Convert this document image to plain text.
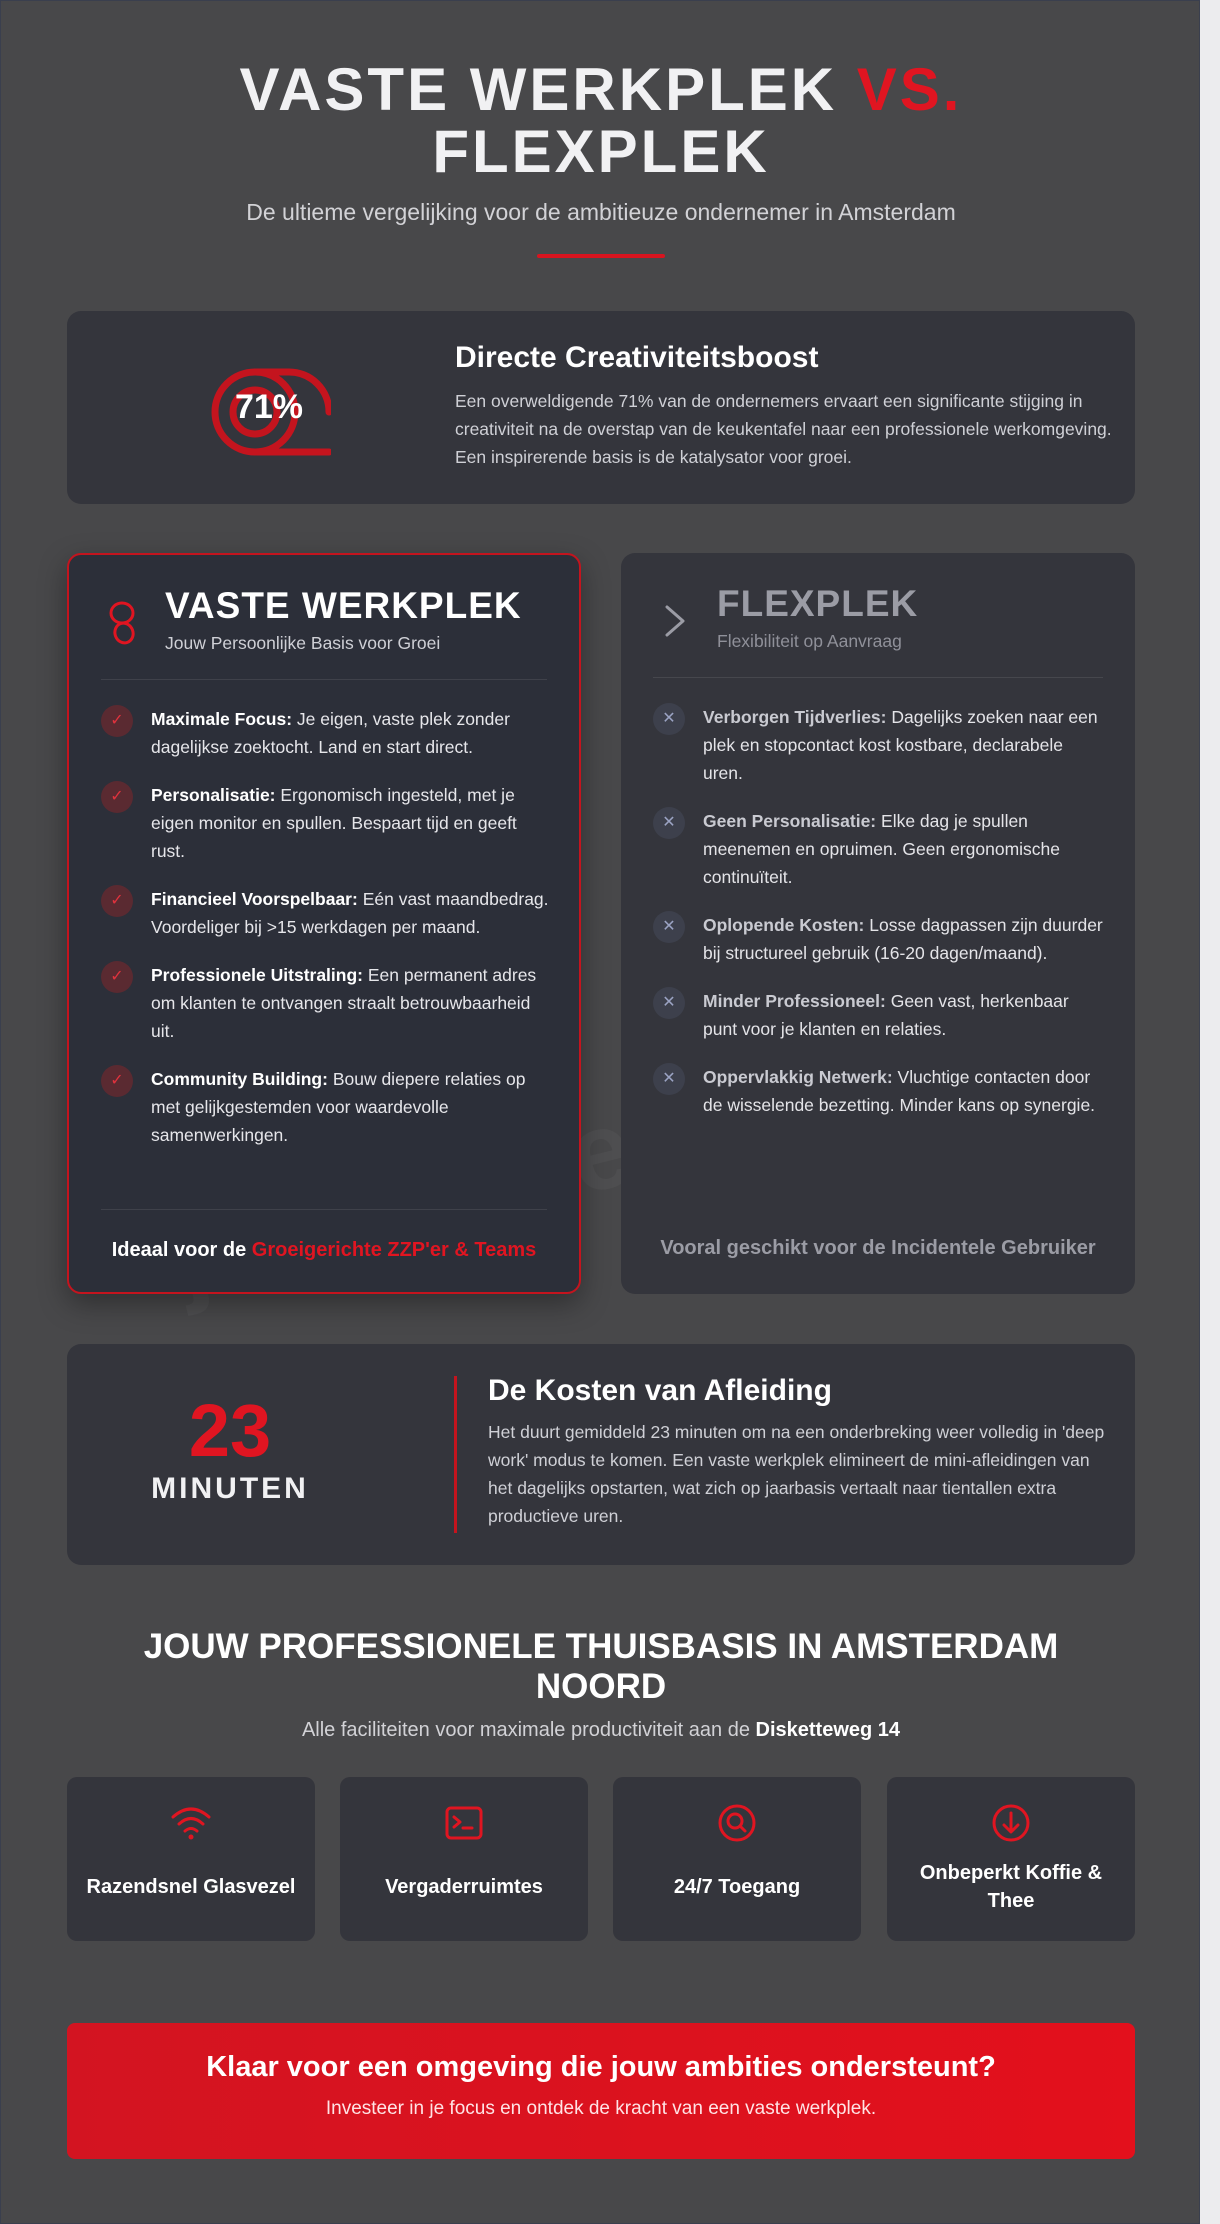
VASTE WERKPLEK VS.
FLEXPLEK
De ultieme vergelijking voor de ambitieuze ondernemer in Amsterdam
71%
Directe Creativiteitsboost

Een overweldigende 71% van de ondernemers ervaart een significante stijging in creativiteit na de overstap van de keukentafel naar een professionele werkomgeving. Een inspirerende basis is de katalysator voor groei.

VASTE WERKPLEK
Jouw Persoonlijke Basis voor Groei
✓	Maximale Focus: Je eigen, vaste plek zonder dagelijkse zoektocht. Land en start direct.
✓	Personalisatie: Ergonomisch ingesteld, met je eigen monitor en spullen. Bespaart tijd en geeft rust.
✓	Financieel Voorspelbaar: Eén vast maandbedrag. Voordeliger bij >15 werkdagen per maand.
✓	Professionele Uitstraling: Een permanent adres om klanten te ontvangen straalt betrouwbaarheid uit.
✓	Community Building: Bouw diepere relaties op met gelijkgestemden voor waardevolle samenwerkingen.
Ideaal voor de Groeigerichte ZZP'er & Teams
FLEXPLEK
Flexibiliteit op Aanvraag
✕	Verborgen Tijdverlies: Dagelijks zoeken naar een plek en stopcontact kost kostbare, declarabele uren.
✕	Geen Personalisatie: Elke dag je spullen meenemen en opruimen. Geen ergonomische continuïteit.
✕	Oplopende Kosten: Losse dagpassen zijn duurder bij structureel gebruik (16-20 dagen/maand).
✕	Minder Professioneel: Geen vast, herkenbaar punt voor je klanten en relaties.
✕	Oppervlakkig Netwerk: Vluchtige contacten door de wisselende bezetting. Minder kans op synergie.
Vooral geschikt voor de Incidentele Gebruiker
23
MINUTEN
De Kosten van Afleiding

Het duurt gemiddeld 23 minuten om na een onderbreking weer volledig in 'deep work' modus te komen. Een vaste werkplek elimineert de mini-afleidingen van het dagelijks opstarten, wat zich op jaarbasis vertaalt naar tientallen extra productieve uren.

JOUW PROFESSIONELE THUISBASIS IN AMSTERDAM NOORD
Alle faciliteiten voor maximale productiviteit aan de Disketteweg 14
Razendsnel Glasvezel	Vergaderruimtes	24/7 Toegang
Onbeperkt Koffie & Thee
Klaar voor een omgeving die jouw ambities ondersteunt?

Investeer in je focus en ontdek de kracht van een vaste werkplek.
